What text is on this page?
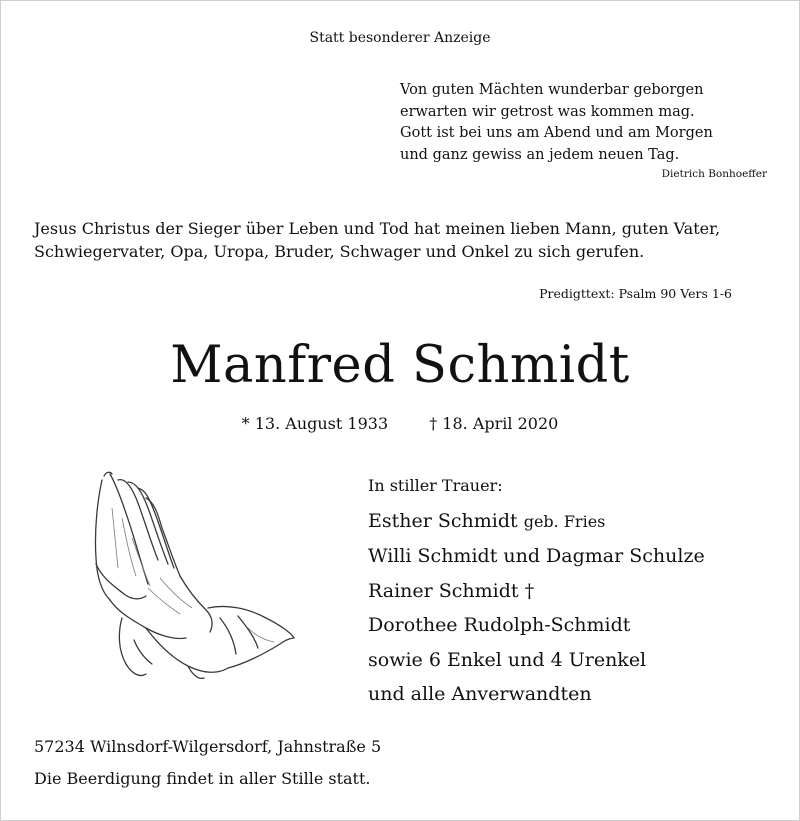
Statt besonderer Anzeige
Von guten Mächten wunderbar geborgen
erwarten wir getrost was kommen mag.
Gott ist bei uns am Abend und am Morgen
und ganz gewiss an jedem neuen Tag.
Dietrich Bonhoeffer
Jesus Christus der Sieger über Leben und Tod hat meinen lieben Mann, guten Vater, Schwiegervater, Opa, Uropa, Bruder, Schwager und Onkel zu sich gerufen.
Predigttext: Psalm 90 Vers 1-6
Manfred Schmidt
* 13. August 1933	† 18. April 2020
In stiller Trauer:
Esther Schmidt geb. Fries
Willi Schmidt und Dagmar Schulze
Rainer Schmidt †
Dorothee Rudolph-Schmidt
sowie 6 Enkel und 4 Urenkel
und alle Anverwandten
57234 Wilnsdorf-Wilgersdorf, Jahnstraße 5
Die Beerdigung findet in aller Stille statt.
